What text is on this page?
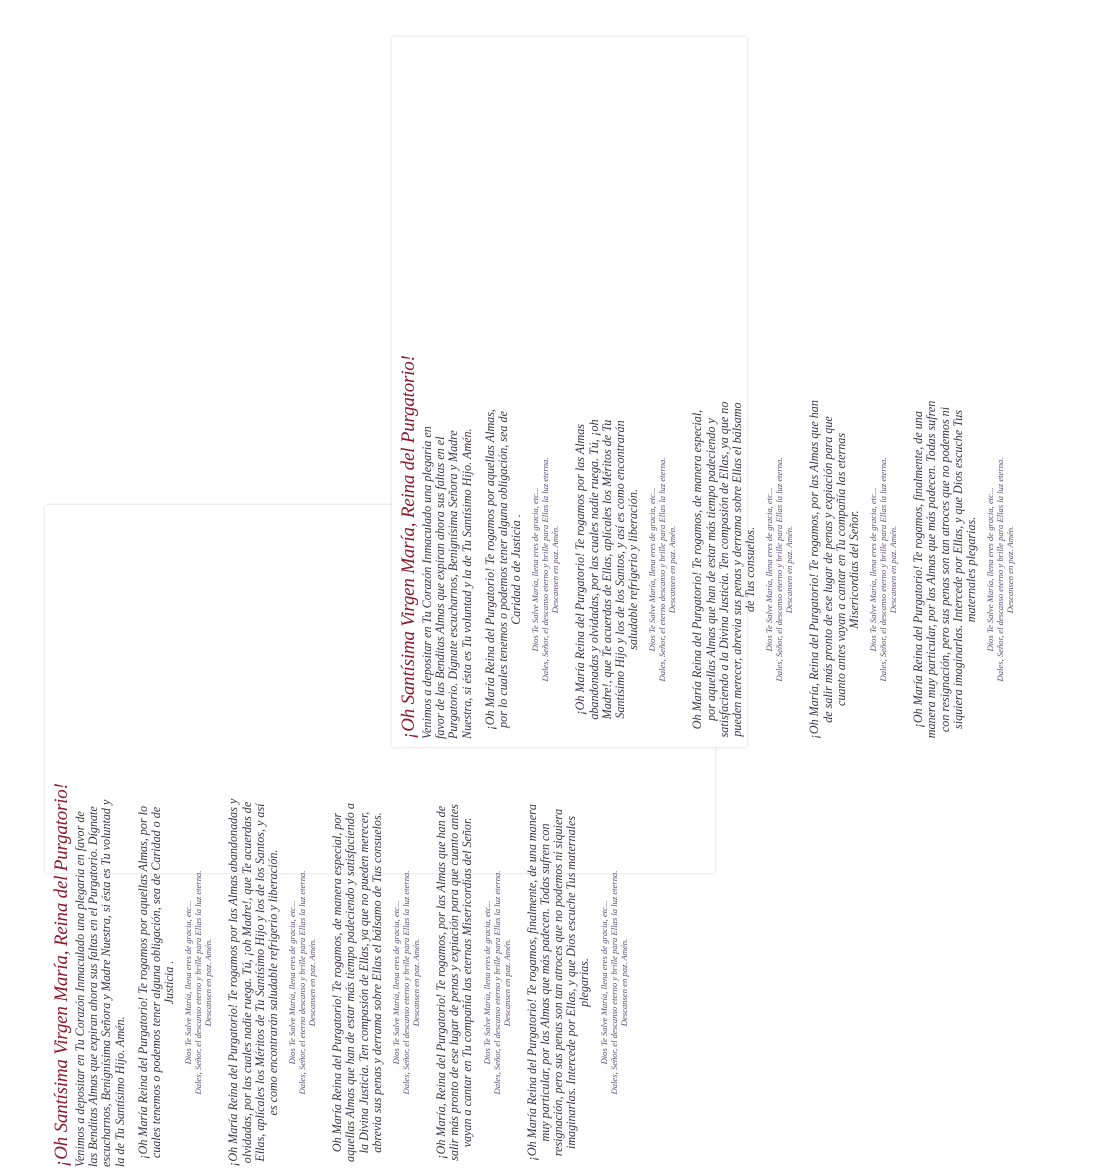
¡Oh Santísima Virgen María, Reina del Purgatorio! Venimos a depositar en Tu Corazón Inmaculado una plegaria en favor de las Benditas Almas que expiran ahora sus faltas en el Purgatorio. Dígnate escucharnos, Benignísima Señora y Madre Nuestra, si ésta es Tu voluntad y la de Tu Santísimo Hijo. Amén. ¡Oh María Reina del Purgatorio! Te rogamos por aquellas Almas, por lo cuales tenemos o podemos tener alguna obligación, sea de Caridad o de Justicia . Dios Te Salve María, llena eres de gracia, etc... Dales, Señor, el descanso eterno y brille para Ellas la luz eterna. Descansen en paz. Amén. ¡Oh María Reina del Purgatorio! Te rogamos por las Almas abandonadas y olvidadas, por las cuales nadie ruega. Tú, ¡oh Madre!, que Te acuerdas de Ellas, aplícales los Méritos de Tu Santísimo Hijo y los de los Santos, y así es como encontrarán saludable refrigerio y liberación. Dios Te Salve María, llena eres de gracia, etc... Dales, Señor, el eterno descanso y brille para Ellas la luz eterna. Descansen en paz. Amén. Oh María Reina del Purgatorio! Te rogamos, de manera especial, por aquellas Almas que han de estar más tiempo padeciendo y satisfaciendo a la Divina Justicia. Ten compasión de Ellas, ya que no pueden merecer, abrevia sus penas y derrama sobre Ellas el bálsamo de Tus consuelos. Dios Te Salve María, llena eres de gracia, etc... Dales, Señor, el descanso eterno y brille para Ellas la luz eterna. Descansen en paz. Amén. ¡Oh María, Reina del Purgatorio! Te rogamos, por las Almas que han de salir más pronto de ese lugar de penas y expiación para que cuanto antes vayan a cantar en Tu compañía las eternas Misericordias del Señor. Dios Te Salve María, llena eres de gracia, etc... Dales, Señor, el descanso eterno y brille para Ellas la luz eterna. Descansen en paz. Amén. ¡Oh María Reina del Purgatorio! Te rogamos, finalmente, de una manera muy particular, por las Almas que más padecen. Todas sufren con resignación, pero sus penas son tan atroces que no podemos ni siquiera imaginarlas. Intercede por Ellas, y que Dios escuche Tus maternales plegarias. Dios Te Salve María, llena eres de gracia, etc... Dales, Señor, el descanso eterno y brille para Ellas la luz eterna. Descansen en paz. Amén.
¡Oh Santísima Virgen María, Reina del Purgatorio! Venimos a depositar en Tu Corazón Inmaculado una plegaria en favor de las Benditas Almas que expiran ahora sus faltas en el Purgatorio. Dígnate escucharnos, Benignísima Señora y Madre Nuestra, si ésta es Tu voluntad y la de Tu Santísimo Hijo. Amén. ¡Oh María Reina del Purgatorio! Te rogamos por aquellas Almas, por lo cuales tenemos o podemos tener alguna obligación, sea de Caridad o de Justicia . Dios Te Salve María, llena eres de gracia, etc... Dales, Señor, el descanso eterno y brille para Ellas la luz eterna. Descansen en paz. Amén. ¡Oh María Reina del Purgatorio! Te rogamos por las Almas abandonadas y olvidadas, por las cuales nadie ruega. Tú, ¡oh Madre!, que Te acuerdas de Ellas, aplícales los Méritos de Tu Santísimo Hijo y los de los Santos, y así es como encontrarán saludable refrigerio y liberación. Dios Te Salve María, llena eres de gracia, etc... Dales, Señor, el eterno descanso y brille para Ellas la luz eterna. Descansen en paz. Amén. Oh María Reina del Purgatorio! Te rogamos, de manera especial, por aquellas Almas que han de estar más tiempo padeciendo y satisfaciendo a la Divina Justicia. Ten compasión de Ellas, ya que no pueden merecer, abrevia sus penas y derrama sobre Ellas el bálsamo de Tus consuelos. Dios Te Salve María, llena eres de gracia, etc... Dales, Señor, el descanso eterno y brille para Ellas la luz eterna. Descansen en paz. Amén. ¡Oh María, Reina del Purgatorio! Te rogamos, por las Almas que han de salir más pronto de ese lugar de penas y expiación para que cuanto antes vayan a cantar en Tu compañía las eternas Misericordias del Señor. Dios Te Salve María, llena eres de gracia, etc... Dales, Señor, el descanso eterno y brille para Ellas la luz eterna. Descansen en paz. Amén. ¡Oh María Reina del Purgatorio! Te rogamos, finalmente, de una manera muy particular, por las Almas que más padecen. Todas sufren con resignación, pero sus penas son tan atroces que no podemos ni siquiera imaginarlas. Intercede por Ellas, y que Dios escuche Tus maternales plegarias. Dios Te Salve María, llena eres de gracia, etc... Dales, Señor, el descanso eterno y brille para Ellas la luz eterna. Descansen en paz. Amén.
